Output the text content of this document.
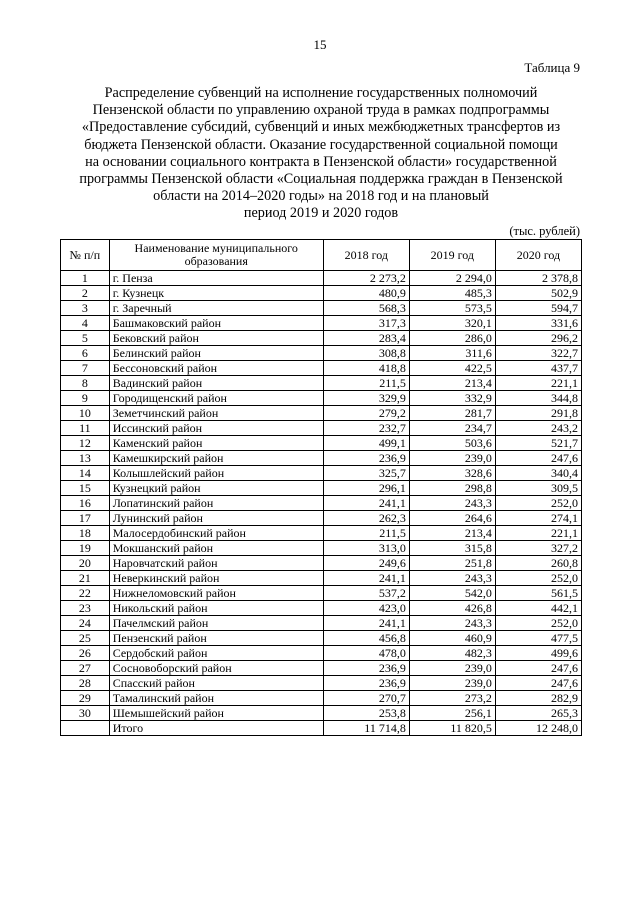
15
Таблица 9
Распределение субвенций на исполнение государственных полномочий
Пензенской области по управлению охраной труда в рамках подпрограммы
«Предоставление субсидий, субвенций и иных межбюджетных трансфертов из
бюджета Пензенской области. Оказание государственной социальной помощи
на основании социального контракта в Пензенской области» государственной
программы Пензенской области «Социальная поддержка граждан в Пензенской
области на 2014–2020 годы» на 2018 год и на плановый
период 2019 и 2020 годов
(тыс. рублей)
№ п/п	Наименование муниципального образования	2018 год	2019 год	2020 год
1	г. Пенза	2 273,2	2 294,0	2 378,8
2	г. Кузнецк	480,9	485,3	502,9
3	г. Заречный	568,3	573,5	594,7
4	Башмаковский район	317,3	320,1	331,6
5	Бековский район	283,4	286,0	296,2
6	Белинский район	308,8	311,6	322,7
7	Бессоновский район	418,8	422,5	437,7
8	Вадинский район	211,5	213,4	221,1
9	Городищенский район	329,9	332,9	344,8
10	Земетчинский район	279,2	281,7	291,8
11	Иссинский район	232,7	234,7	243,2
12	Каменский район	499,1	503,6	521,7
13	Камешкирский район	236,9	239,0	247,6
14	Колышлейский район	325,7	328,6	340,4
15	Кузнецкий район	296,1	298,8	309,5
16	Лопатинский район	241,1	243,3	252,0
17	Лунинский район	262,3	264,6	274,1
18	Малосердобинский район	211,5	213,4	221,1
19	Мокшанский район	313,0	315,8	327,2
20	Наровчатский район	249,6	251,8	260,8
21	Неверкинский район	241,1	243,3	252,0
22	Нижнеломовский район	537,2	542,0	561,5
23	Никольский район	423,0	426,8	442,1
24	Пачелмский район	241,1	243,3	252,0
25	Пензенский район	456,8	460,9	477,5
26	Сердобский район	478,0	482,3	499,6
27	Сосновоборский район	236,9	239,0	247,6
28	Спасский район	236,9	239,0	247,6
29	Тамалинский район	270,7	273,2	282,9
30	Шемышейский район	253,8	256,1	265,3
	Итого	11 714,8	11 820,5	12 248,0
